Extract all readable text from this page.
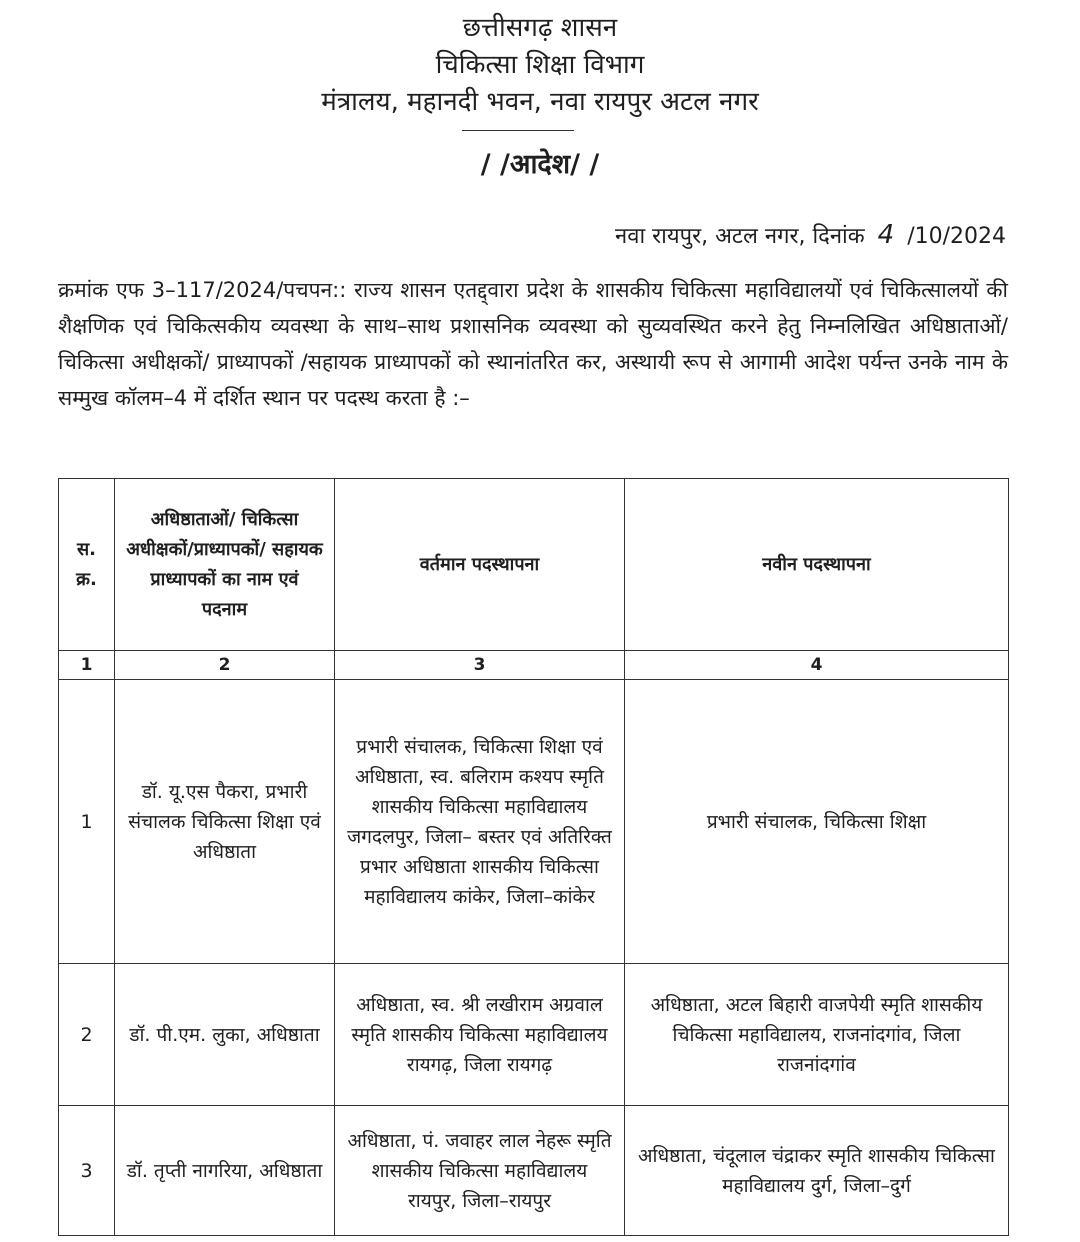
छत्तीसगढ़ शासन
चिकित्सा शिक्षा विभाग
मंत्रालय, महानदी भवन, नवा रायपुर अटल नगर
/ /आदेश/ /
नवा रायपुर, अटल नगर, दिनांक 4 /10/2024
क्रमांक एफ 3–117/2024/पचपन:: राज्य शासन एतद्द्वारा प्रदेश के शासकीय चिकित्सा महाविद्यालयों एवं चिकित्सालयों की शैक्षणिक एवं चिकित्सकीय व्यवस्था के साथ–साथ प्रशासनिक व्यवस्था को सुव्यवस्थित करने हेतु निम्नलिखित अधिष्ठाताओं/ चिकित्सा अधीक्षकों/ प्राध्यापकों /सहायक प्राध्यापकों को स्थानांतरित कर, अस्थायी रूप से आगामी आदेश पर्यन्त उनके नाम के सम्मुख कॉलम–4 में दर्शित स्थान पर पदस्थ करता है :–
स. क्र.	अधिष्ठाताओं/ चिकित्सा अधीक्षकों/प्राध्यापकों/ सहायक प्राध्यापकों का नाम एवं पदनाम	वर्तमान पदस्थापना	नवीन पदस्थापना
1	2	3	4
1	डॉ. यू.एस पैकरा, प्रभारी संचालक चिकित्सा शिक्षा एवं अधिष्ठाता	प्रभारी संचालक, चिकित्सा शिक्षा एवं अधिष्ठाता, स्व. बलिराम कश्यप स्मृति शासकीय चिकित्सा महाविद्यालय जगदलपुर, जिला– बस्तर एवं अतिरिक्त प्रभार अधिष्ठाता शासकीय चिकित्सा महाविद्यालय कांकेर, जिला–कांकेर	प्रभारी संचालक, चिकित्सा शिक्षा
2	डॉ. पी.एम. लुका, अधिष्ठाता	अधिष्ठाता, स्व. श्री लखीराम अग्रवाल स्मृति शासकीय चिकित्सा महाविद्यालय रायगढ़, जिला रायगढ़	अधिष्ठाता, अटल बिहारी वाजपेयी स्मृति शासकीय चिकित्सा महाविद्यालय, राजनांदगांव, जिला राजनांदगांव
3	डॉ. तृप्ती नागरिया, अधिष्ठाता	अधिष्ठाता, पं. जवाहर लाल नेहरू स्मृति शासकीय चिकित्सा महाविद्यालय रायपुर, जिला–रायपुर	अधिष्ठाता, चंदूलाल चंद्राकर स्मृति शासकीय चिकित्सा महाविद्यालय दुर्ग, जिला–दुर्ग
